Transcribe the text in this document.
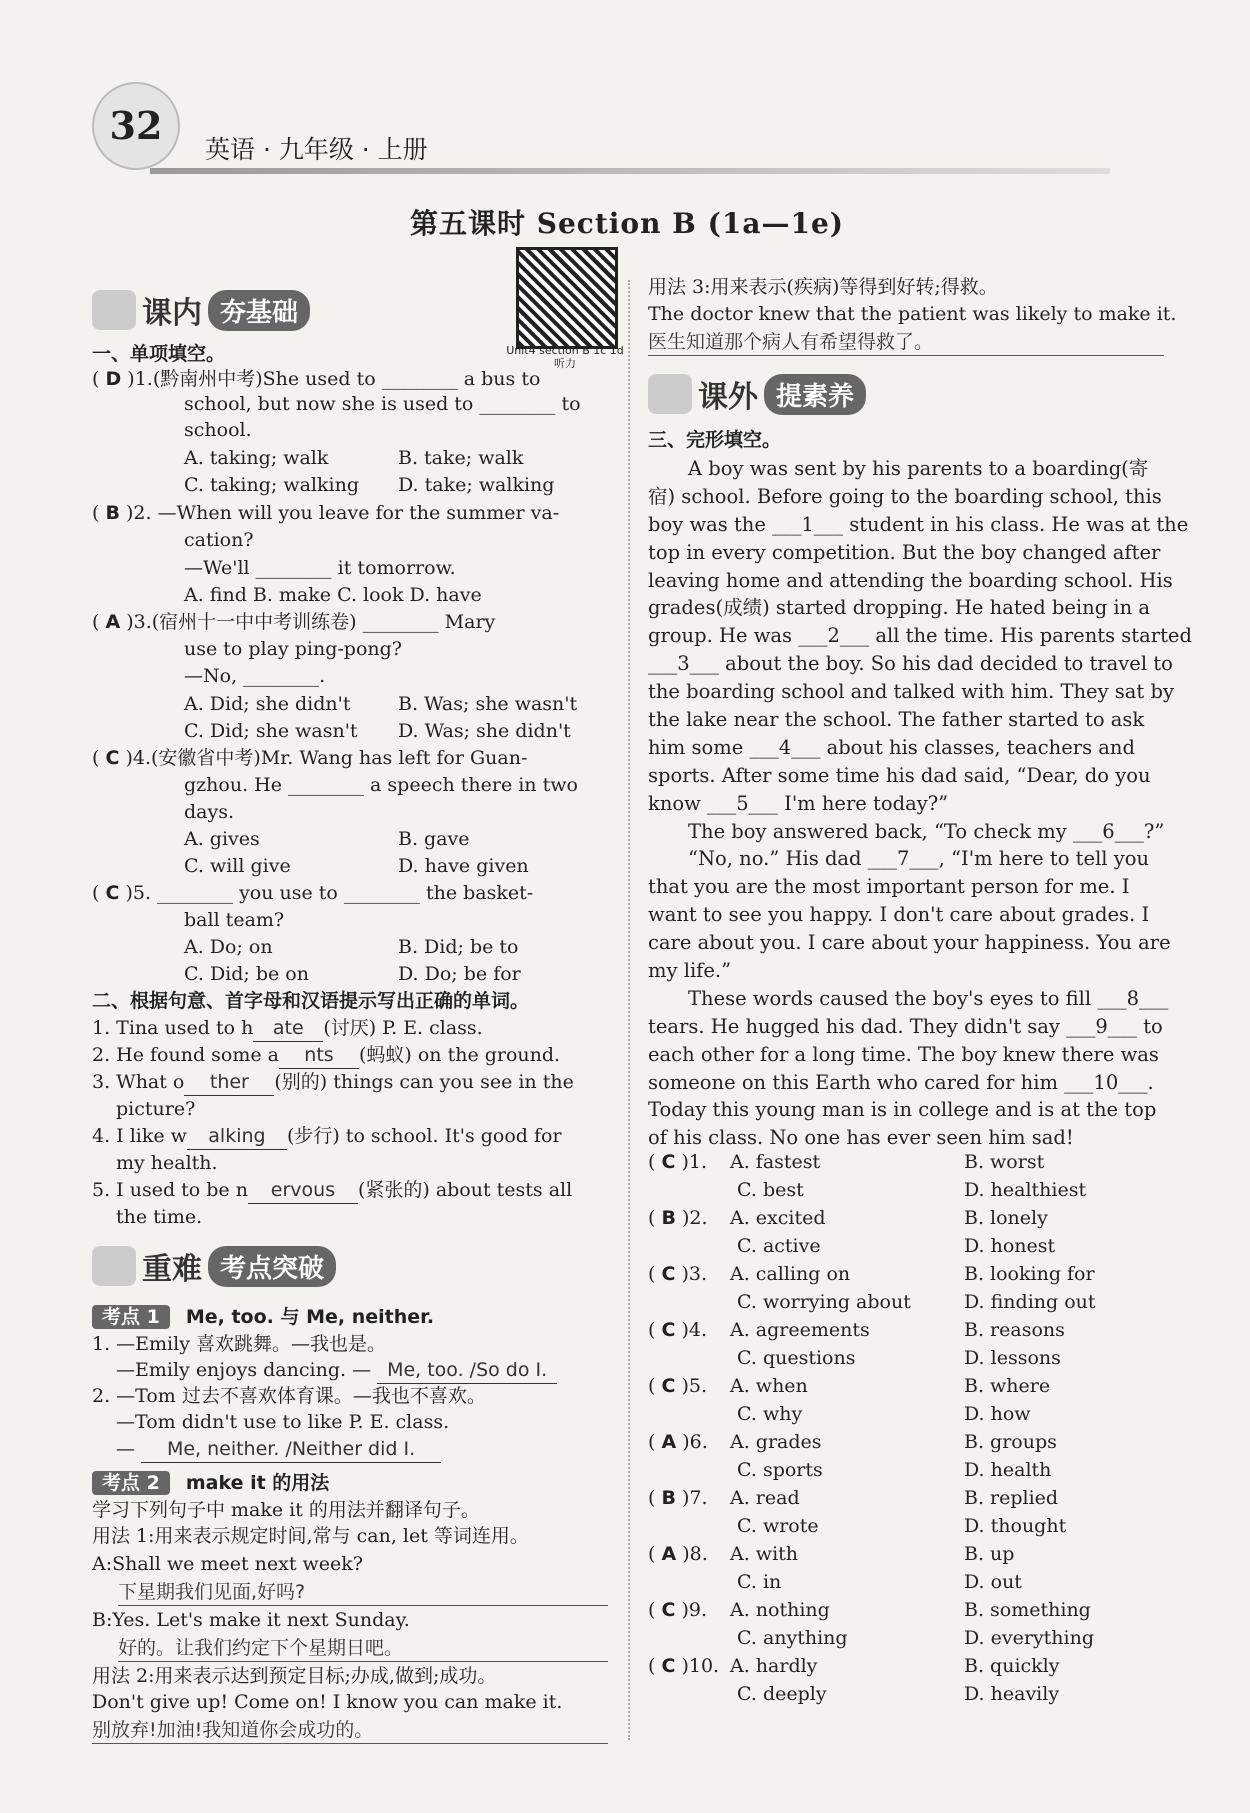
32
英语 · 九年级 · 上册
第五课时 Section B (1a—1e)
Unit4 section B 1c 1d 听力
课内 夯基础
一、单项填空。
( D )1.(黔南州中考)She used to ________ a bus to
school, but now she is used to ________ to
school.
A. taking; walk	B. take; walk
C. taking; walking D. take; walking
( B )2. —When will you leave for the summer va-
cation?
—We'll ________ it tomorrow.
A. find B. make C. look D. have
( A )3.(宿州十一中中考训练卷) ________ Mary
use to play ping-pong?
—No, ________.
A. Did; she didn't	B. Was; she wasn't
C. Did; she wasn't D. Was; she didn't
( C )4.(安徽省中考)Mr. Wang has left for Guan-
gzhou. He ________ a speech there in two
days.
A. gives	B. gave
C. will give	D. have given
( C )5. ________ you use to ________ the basket-
ball team?
A. Do; on	B. Did; be to
C. Did; be on	D. Do; be for
二、根据句意、首字母和汉语提示写出正确的单词。
1. Tina used to h ate (讨厌) P. E. class.
2. He found some a nts (蚂蚁) on the ground.
3. What o ther (别的) things can you see in the
picture?
4. I like w alking (步行) to school. It's good for
my health.
5. I used to be n ervous (紧张的) about tests all
the time.
重难 考点突破
考点 1 Me, too. 与 Me, neither.
1. —Emily 喜欢跳舞。—我也是。
—Emily enjoys dancing. — Me, too. /So do I.
2. —Tom 过去不喜欢体育课。—我也不喜欢。
—Tom didn't use to like P. E. class.
— Me, neither. /Neither did I.
考点 2 make it 的用法
学习下列句子中 make it 的用法并翻译句子。
用法 1:用来表示规定时间,常与 can, let 等词连用。
A:Shall we meet next week?
下星期我们见面,好吗?
B:Yes. Let's make it next Sunday.
好的。让我们约定下个星期日吧。
用法 2:用来表示达到预定目标;办成,做到;成功。
Don't give up! Come on! I know you can make it.
别放弃!加油!我知道你会成功的。
用法 3:用来表示(疾病)等得到好转;得救。
The doctor knew that the patient was likely to make it.
医生知道那个病人有希望得救了。
课外 提素养
三、完形填空。
A boy was sent by his parents to a boarding(寄
宿) school. Before going to the boarding school, this
boy was the ___1___ student in his class. He was at the
top in every competition. But the boy changed after
leaving home and attending the boarding school. His
grades(成绩) started dropping. He hated being in a
group. He was ___2___ all the time. His parents started
___3___ about the boy. So his dad decided to travel to
the boarding school and talked with him. They sat by
the lake near the school. The father started to ask
him some ___4___ about his classes, teachers and
sports. After some time his dad said, “Dear, do you
know ___5___ I'm here today?”
The boy answered back, “To check my ___6___?”
“No, no.” His dad ___7___, “I'm here to tell you
that you are the most important person for me. I
want to see you happy. I don't care about grades. I
care about you. I care about your happiness. You are
my life.”
These words caused the boy's eyes to fill ___8___
tears. He hugged his dad. They didn't say ___9___ to
each other for a long time. The boy knew there was
someone on this Earth who cared for him ___10___.
Today this young man is in college and is at the top
of his class. No one has ever seen him sad!
( C )1. A. fastest	B. worst
C. best	D. healthiest
( B )2. A. excited	B. lonely
C. active	D. honest
( C )3. A. calling on	B. looking for
C. worrying about	D. finding out
( C )4. A. agreements	B. reasons
C. questions	D. lessons
( C )5. A. when	B. where
C. why	D. how
( A )6. A. grades	B. groups
C. sports	D. health
( B )7. A. read	B. replied
C. wrote	D. thought
( A )8. A. with	B. up
C. in	D. out
( C )9. A. nothing	B. something
C. anything	D. everything
( C )10. A. hardly	B. quickly
C. deeply	D. heavily
